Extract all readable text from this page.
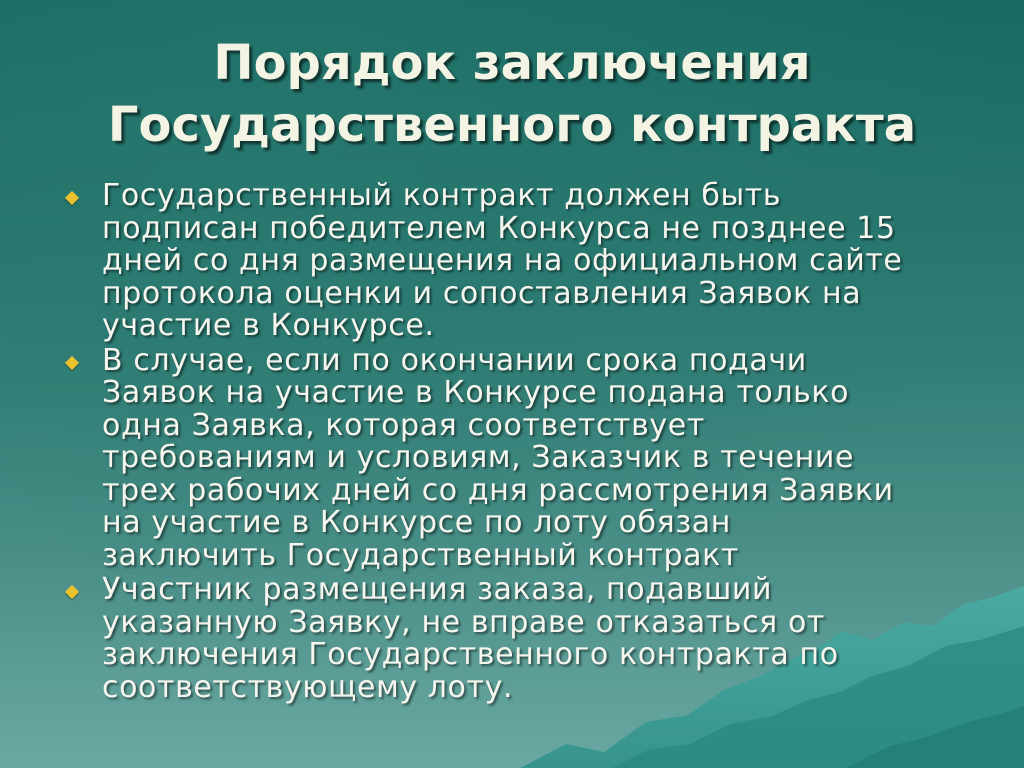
Порядок заключения
Государственного контракта
Государственный контракт должен быть
подписан победителем Конкурса не позднее 15
дней со дня размещения на официальном сайте
протокола оценки и сопоставления Заявок на
участие в Конкурсе.
В случае, если по окончании срока подачи
Заявок на участие в Конкурсе подана только
одна Заявка, которая соответствует
требованиям и условиям, Заказчик в течение
трех рабочих дней со дня рассмотрения Заявки
на участие в Конкурсе по лоту обязан
заключить Государственный контракт
Участник размещения заказа, подавший
указанную Заявку, не вправе отказаться от
заключения Государственного контракта по
соответствующему лоту.
